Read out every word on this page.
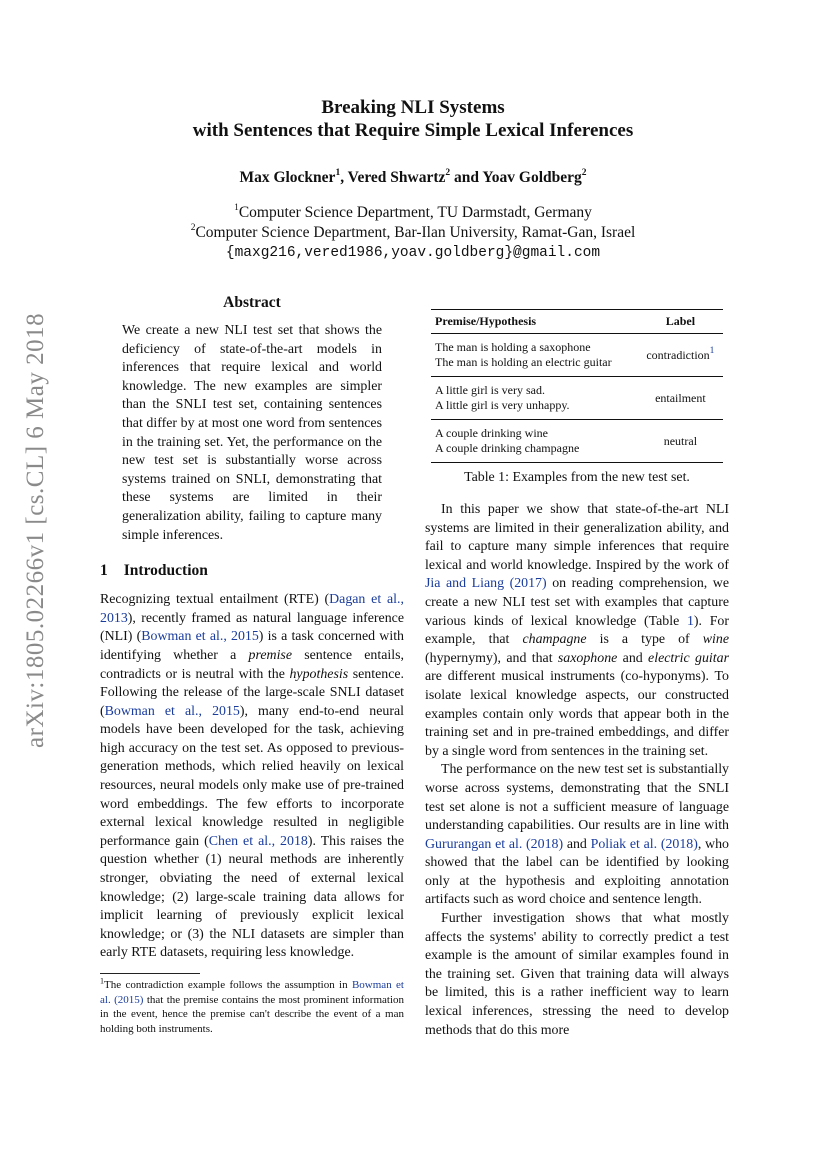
arXiv:1805.02266v1 [cs.CL] 6 May 2018
Breaking NLI Systems
with Sentences that Require Simple Lexical Inferences
Max Glockner$^1$, Vered Shwartz$^2$ and Yoav Goldberg$^2$
$^1$Computer Science Department, TU Darmstadt, Germany
$^2$Computer Science Department, Bar-Ilan University, Ramat-Gan, Israel
{maxg216,vered1986,yoav.goldberg}@gmail.com
Abstract

We create a new NLI test set that shows the deficiency of state-of-the-art models in inferences that require lexical and world knowledge. The new examples are simpler than the SNLI test set, containing sentences that differ by at most one word from sentences in the training set. Yet, the performance on the new test set is substantially worse across systems trained on SNLI, demonstrating that these systems are limited in their generalization ability, failing to capture many simple inferences.

1 Introduction

Recognizing textual entailment (RTE) (Dagan et al., 2013), recently framed as natural language inference (NLI) (Bowman et al., 2015) is a task concerned with identifying whether a premise sentence entails, contradicts or is neutral with the hypothesis sentence. Following the release of the large-scale SNLI dataset (Bowman et al., 2015), many end-to-end neural models have been developed for the task, achieving high accuracy on the test set. As opposed to previous-generation methods, which relied heavily on lexical resources, neural models only make use of pre-trained word embeddings. The few efforts to incorporate external lexical knowledge resulted in negligible performance gain (Chen et al., 2018). This raises the question whether (1) neural methods are inherently stronger, obviating the need of external lexical knowledge; (2) large-scale training data allows for implicit learning of previously explicit lexical knowledge; or (3) the NLI datasets are simpler than early RTE datasets, requiring less knowledge.

$^1$The contradiction example follows the assumption in Bowman et al. (2015) that the premise contains the most prominent information in the event, hence the premise can't describe the event of a man holding both instruments.

Premise/Hypothesis	Label
The man is holding a saxophone
The man is holding an electric guitar	contradiction$^1$
A little girl is very sad.
A little girl is very unhappy.	entailment
A couple drinking wine
A couple drinking champagne	neutral
Table 1: Examples from the new test set.

In this paper we show that state-of-the-art NLI systems are limited in their generalization ability, and fail to capture many simple inferences that require lexical and world knowledge. Inspired by the work of Jia and Liang (2017) on reading comprehension, we create a new NLI test set with examples that capture various kinds of lexical knowledge (Table 1). For example, that champagne is a type of wine (hypernymy), and that saxophone and electric guitar are different musical instruments (co-hyponyms). To isolate lexical knowledge aspects, our constructed examples contain only words that appear both in the training set and in pre-trained embeddings, and differ by a single word from sentences in the training set.

The performance on the new test set is substantially worse across systems, demonstrating that the SNLI test set alone is not a sufficient measure of language understanding capabilities. Our results are in line with Gururangan et al. (2018) and Poliak et al. (2018), who showed that the label can be identified by looking only at the hypothesis and exploiting annotation artifacts such as word choice and sentence length.

Further investigation shows that what mostly affects the systems' ability to correctly predict a test example is the amount of similar examples found in the training set. Given that training data will always be limited, this is a rather inefficient way to learn lexical inferences, stressing the need to develop methods that do this more
